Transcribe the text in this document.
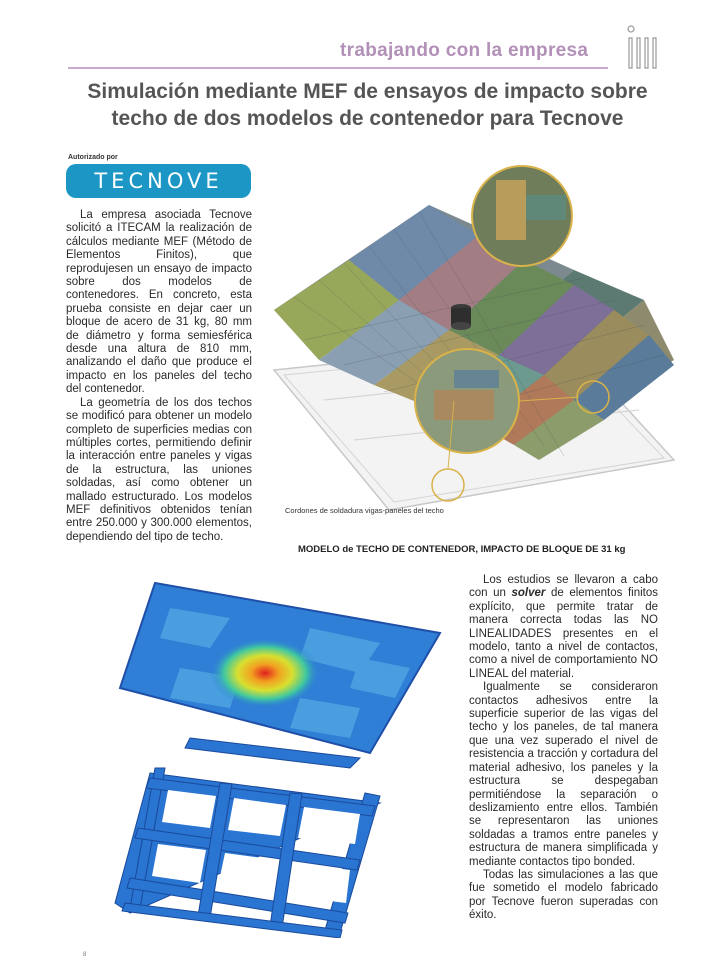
trabajando con la empresa
Simulación mediante MEF de ensayos de impacto sobre
techo de dos modelos de contenedor para Tecnove
Autorizado por
TECNOVE

La empresa asociada Tecnove solicitó a ITECAM la realización de cálculos mediante MEF (Método de Elementos Finitos), que reprodujesen un ensayo de impacto sobre dos modelos de contenedores. En concreto, esta prueba consiste en dejar caer un bloque de acero de 31 kg, 80 mm de diámetro y forma semiesférica desde una altura de 810 mm, analizando el daño que produce el impacto en los paneles del techo del contenedor.

La geometría de los dos techos se modificó para obtener un modelo completo de superficies medias con múltiples cortes, permitiendo definir la interacción entre paneles y vigas de la estructura, las uniones soldadas, así como obtener un mallado estructurado. Los modelos MEF definitivos obtenidos tenían entre 250.000 y 300.000 elementos, dependiendo del tipo de techo.

Cordones de soldadura vigas-paneles del techo
MODELO de TECHO DE CONTENEDOR, IMPACTO DE BLOQUE DE 31 kg

Los estudios se llevaron a cabo con un solver de elementos finitos explícito, que permite tratar de manera correcta todas las NO LINEALIDADES presentes en el modelo, tanto a nivel de contactos, como a nivel de comportamiento NO LINEAL del material.

Igualmente se consideraron contactos adhesivos entre la superficie superior de las vigas del techo y los paneles, de tal manera que una vez superado el nivel de resistencia a tracción y cortadura del material adhesivo, los paneles y la estructura se despegaban permitiéndose la separación o deslizamiento entre ellos. También se representaron las uniones soldadas a tramos entre paneles y estructura de manera simplificada y mediante contactos tipo bonded.

Todas las simulaciones a las que fue sometido el modelo fabricado por Tecnove fueron superadas con éxito.

8
